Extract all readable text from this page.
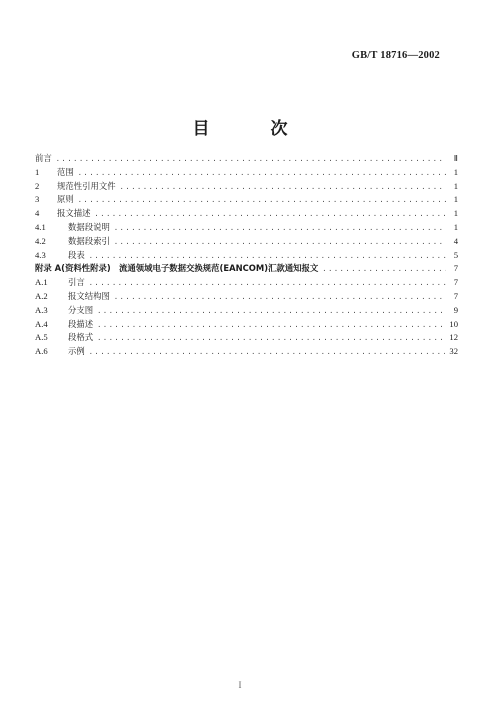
GB/T 18716—2002
目　次
前言 .....	Ⅱ
1	范围 .....	1
2	规范性引用文件 .....	1
3	原则 .....	1
4	报文描述 .....	1
4.1	数据段说明 .....	1
4.2	数据段索引 .....	4
4.3	段表 .....	5
附录 A(资料性附录)　流通领域电子数据交换规范(EANCOM)汇款通知报文 .....	7
A.1	引言 .....	7
A.2	报文结构图 .....	7
A.3	分支图 .....	9
A.4	段描述 .....	10
A.5	段格式 .....	12
A.6	示例 .....	32
I
